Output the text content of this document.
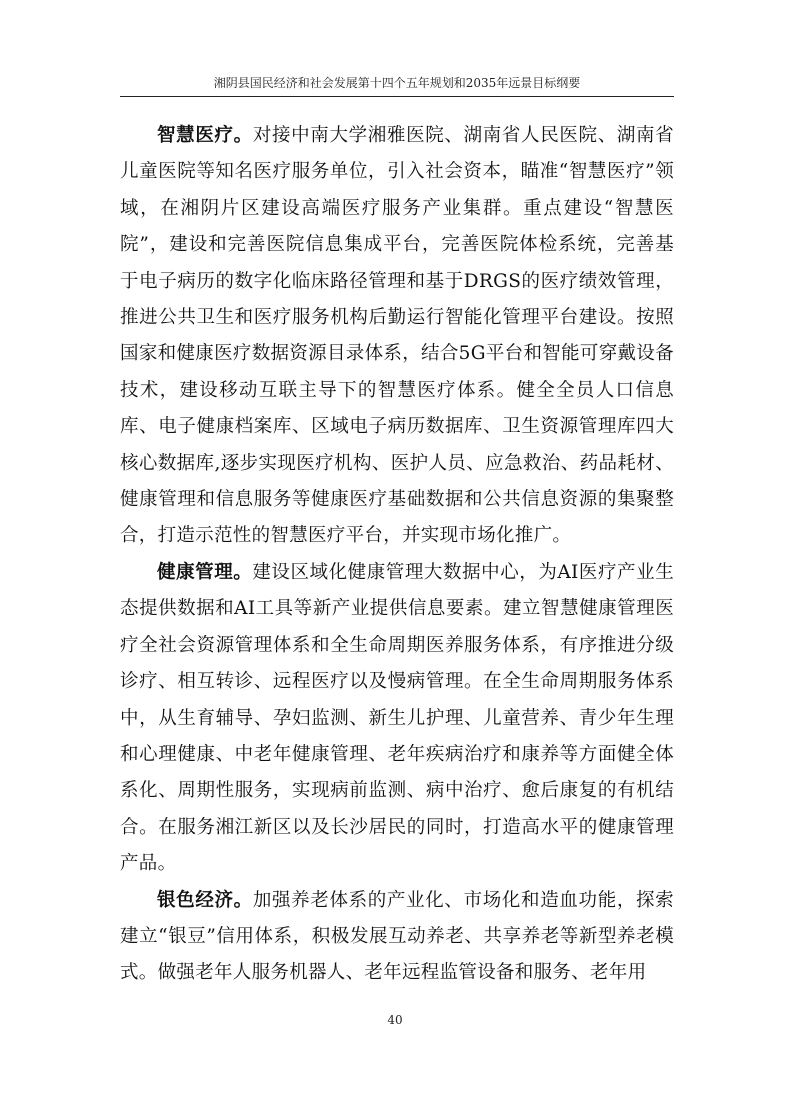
湘阴县国民经济和社会发展第十四个五年规划和2035年远景目标纲要

智慧医疗。对接中南大学湘雅医院、湖南省人民医院、湖南省儿童医院等知名医疗服务单位，引入社会资本，瞄准“智慧医疗”领域，在湘阴片区建设高端医疗服务产业集群。重点建设“智慧医院”，建设和完善医院信息集成平台，完善医院体检系统，完善基于电子病历的数字化临床路径管理和基于DRGS的医疗绩效管理，推进公共卫生和医疗服务机构后勤运行智能化管理平台建设。按照国家和健康医疗数据资源目录体系，结合5G平台和智能可穿戴设备技术，建设移动互联主导下的智慧医疗体系。健全全员人口信息库、电子健康档案库、区域电子病历数据库、卫生资源管理库四大核心数据库,逐步实现医疗机构、医护人员、应急救治、药品耗材、健康管理和信息服务等健康医疗基础数据和公共信息资源的集聚整合，打造示范性的智慧医疗平台，并实现市场化推广。

健康管理。建设区域化健康管理大数据中心，为AI医疗产业生态提供数据和AI工具等新产业提供信息要素。建立智慧健康管理医疗全社会资源管理体系和全生命周期医养服务体系，有序推进分级诊疗、相互转诊、远程医疗以及慢病管理。在全生命周期服务体系中，从生育辅导、孕妇监测、新生儿护理、儿童营养、青少年生理和心理健康、中老年健康管理、老年疾病治疗和康养等方面健全体系化、周期性服务，实现病前监测、病中治疗、愈后康复的有机结合。在服务湘江新区以及长沙居民的同时，打造高水平的健康管理产品。

银色经济。加强养老体系的产业化、市场化和造血功能，探索建立“银豆”信用体系，积极发展互动养老、共享养老等新型养老模式。做强老年人服务机器人、老年远程监管设备和服务、老年用

40
